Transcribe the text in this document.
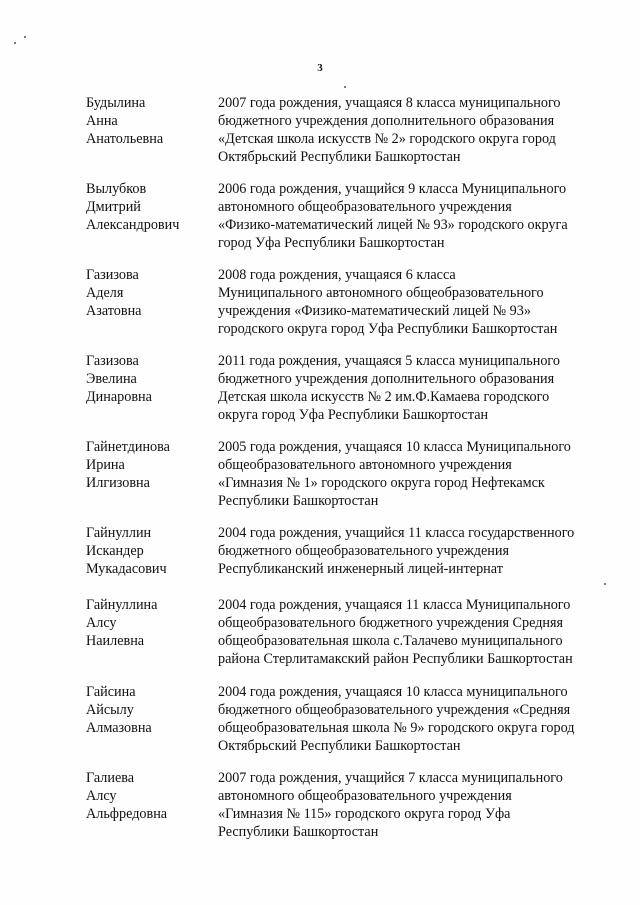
3
Будылина
Анна
Анатольевна
2007 года рождения, учащаяся 8 класса муниципального
бюджетного учреждения дополнительного образования
«Детская школа искусств № 2» городского округа город
Октябрьский Республики Башкортостан
Вылубков
Дмитрий
Александрович
2006 года рождения, учащийся 9 класса Муниципального
автономного общеобразовательного учреждения
«Физико-математический лицей № 93» городского округа
город Уфа Республики Башкортостан
Газизова
Аделя
Азатовна
2008 года рождения, учащаяся 6 класса
Муниципального автономного общеобразовательного
учреждения «Физико-математический лицей № 93»
городского округа город Уфа Республики Башкортостан
Газизова
Эвелина
Динаровна
2011 года рождения, учащаяся 5 класса муниципального
бюджетного учреждения дополнительного образования
Детская школа искусств № 2 им.Ф.Камаева городского
округа город Уфа Республики Башкортостан
Гайнетдинова
Ирина
Илгизовна
2005 года рождения, учащаяся 10 класса Муниципального
общеобразовательного автономного учреждения
«Гимназия № 1» городского округа город Нефтекамск
Республики Башкортостан
Гайнуллин
Искандер
Мукадасович
2004 года рождения, учащийся 11 класса государственного
бюджетного общеобразовательного учреждения
Республиканский инженерный лицей-интернат
Гайнуллина
Алсу
Наилевна
2004 года рождения, учащаяся 11 класса Муниципального
общеобразовательного бюджетного учреждения Средняя
общеобразовательная школа с.Талачево муниципального
района Стерлитамакский район Республики Башкортостан
Гайсина
Айсылу
Алмазовна
2004 года рождения, учащаяся 10 класса муниципального
бюджетного общеобразовательного учреждения «Средняя
общеобразовательная школа № 9» городского округа город
Октябрьский Республики Башкортостан
Галиева
Алсу
Альфредовна
2007 года рождения, учащийся 7 класса муниципального
автономного общеобразовательного учреждения
«Гимназия № 115» городского округа город Уфа
Республики Башкортостан
